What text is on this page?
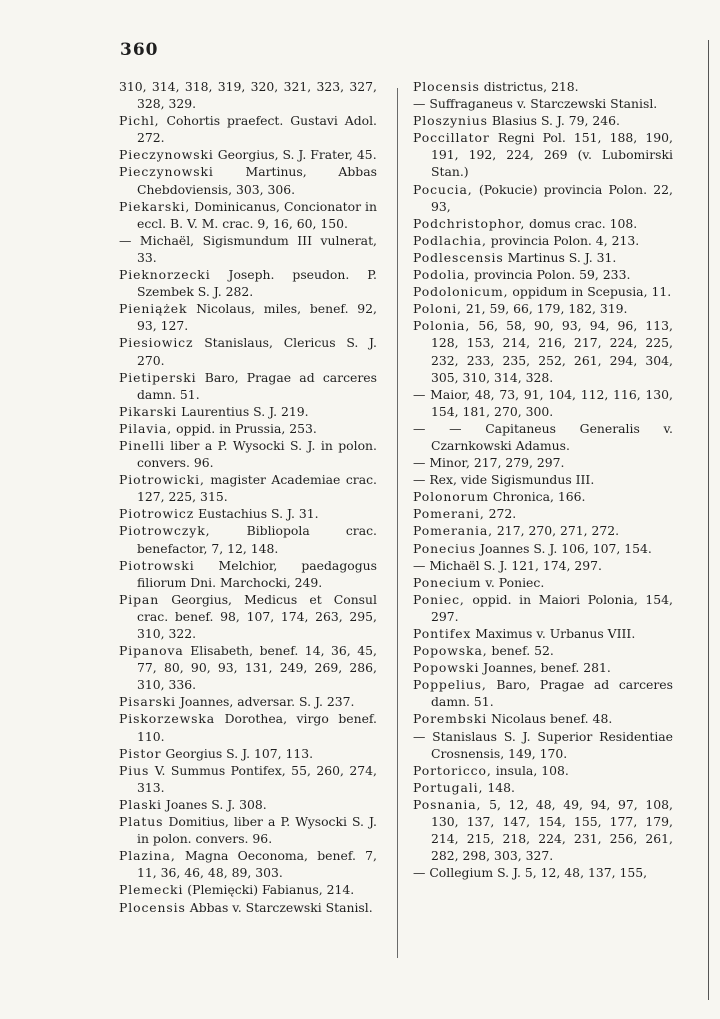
360

310, 314, 318, 319, 320, 321, 323, 327, 328, 329.

Pichl, Cohortis praefect. Gustavi Adol. 272.

Pieczynowski Georgius, S. J. Frater, 45.

Pieczynowski	Martinus, Abbas Chebdoviensis, 303, 306.

Piekarski, Dominicanus, Concionator in eccl. B. V. M. crac. 9, 16, 60, 150.

— Michaël, Sigismundum III vulnerat, 33.

Pieknorzecki Joseph. pseudon. P. Szembek S. J. 282.

Pieniążek Nicolaus, miles, benef. 92, 93, 127.

Piesiowicz Stanislaus, Clericus S. J. 270.

Pietiperski Baro, Pragae ad carceres damn. 51.

Pikarski Laurentius S. J. 219.

Pilavia, oppid. in Prussia, 253.

Pinelli liber a P. Wysocki S. J. in polon. convers. 96.

Piotrowicki, magister Academiae crac. 127, 225, 315.

Piotrowicz Eustachius S. J. 31.

Piotrowczyk,	Bibliopola crac. benefactor, 7, 12, 148.

Piotrowski Melchior, paedagogus filiorum Dni. Marchocki, 249.

Pipan Georgius, Medicus et Consul crac. benef. 98, 107, 174, 263, 295, 310, 322.

Pipanova Elisabeth, benef. 14, 36, 45, 77, 80, 90, 93, 131, 249, 269, 286, 310, 336.

Pisarski Joannes, adversar. S. J. 237.

Piskorzewska Dorothea, virgo benef. 110.

Pistor Georgius S. J. 107, 113.

Pius V. Summus Pontifex, 55, 260, 274, 313.

Plaski Joanes S. J. 308.

Platus Domitius, liber a P. Wysocki S. J. in polon. convers. 96.

Plazina, Magna Oeconoma, benef. 7, 11, 36, 46, 48, 89, 303.

Plemecki (Plemięcki) Fabianus, 214.

Plocensis Abbas v. Starczewski Stanisl.

Plocensis districtus, 218.

— Suffraganeus v. Starczewski Stanisl.

Ploszynius Blasius S. J. 79, 246.

Poccillator Regni Pol. 151, 188, 190, 191, 192, 224, 269 (v. Lubomirski Stan.)

Pocucia, (Pokucie) provincia Polon. 22, 93,

Podchristophor, domus crac. 108.

Podlachia, provincia Polon. 4, 213.

Podlescensis Martinus S. J. 31.

Podolia, provincia Polon. 59, 233.

Podolonicum, oppidum in Scepusia, 11.

Poloni, 21, 59, 66, 179, 182, 319.

Polonia, 56, 58, 90, 93, 94, 96, 113, 128, 153, 214, 216, 217, 224, 225, 232, 233, 235, 252, 261, 294, 304, 305, 310, 314, 328.

— Maior, 48, 73, 91, 104, 112, 116, 130, 154, 181, 270, 300.

— — Capitaneus Generalis v. Czarnkowski Adamus.

— Minor, 217, 279, 297.

— Rex, vide Sigismundus III.

Polonorum Chronica, 166.

Pomerani, 272.

Pomerania, 217, 270, 271, 272.

Ponecius Joannes S. J. 106, 107, 154.

— Michaël S. J. 121, 174, 297.

Ponecium v. Poniec.

Poniec, oppid. in Maiori Polonia, 154, 297.

Pontifex Maximus v. Urbanus VIII.

Popowska, benef. 52.

Popowski Joannes, benef. 281.

Poppelius, Baro, Pragae ad carceres damn. 51.

Porembski Nicolaus benef. 48.

— Stanislaus S. J. Superior Residentiae Crosnensis, 149, 170.

Portoricco, insula, 108.

Portugali, 148.

Posnania, 5, 12, 48, 49, 94, 97, 108, 130, 137, 147, 154, 155, 177, 179, 214, 215, 218, 224, 231, 256, 261, 282, 298, 303, 327.

— Collegium S. J. 5, 12, 48, 137, 155,
